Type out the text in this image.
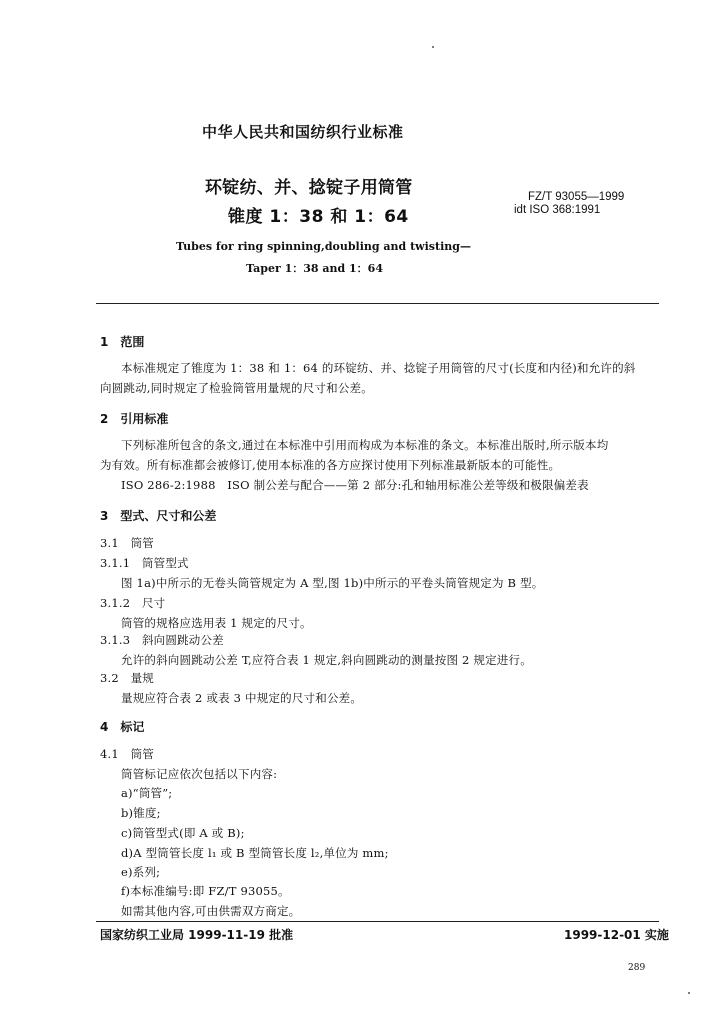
中华人民共和国纺织行业标准
环锭纺、并、捻锭子用筒管
锥度 1：38 和 1：64
FZ/T 93055—1999
idt ISO 368:1991
Tubes for ring spinning,doubling and twisting—
Taper 1：38 and 1：64
1　范围
本标准规定了锥度为 1：38 和 1：64 的环锭纺、并、捻锭子用筒管的尺寸(长度和内径)和允许的斜
向圆跳动,同时规定了检验筒管用量规的尺寸和公差。
2　引用标准
下列标准所包含的条文,通过在本标准中引用而构成为本标准的条文。本标准出版时,所示版本均
为有效。所有标准都会被修订,使用本标准的各方应探讨使用下列标准最新版本的可能性。
ISO 286-2:1988　ISO 制公差与配合——第 2 部分:孔和轴用标准公差等级和极限偏差表
3　型式、尺寸和公差
3.1　筒管
3.1.1　筒管型式
图 1a)中所示的无卷头筒管规定为 A 型,图 1b)中所示的平卷头筒管规定为 B 型。
3.1.2　尺寸
筒管的规格应选用表 1 规定的尺寸。
3.1.3　斜向圆跳动公差
允许的斜向圆跳动公差 T,应符合表 1 规定,斜向圆跳动的测量按图 2 规定进行。
3.2　量规
量规应符合表 2 或表 3 中规定的尺寸和公差。
4　标记
4.1　筒管
筒管标记应依次包括以下内容:
a)“筒管”;
b)锥度;
c)筒管型式(即 A 或 B);
d)A 型筒管长度 l₁ 或 B 型筒管长度 l₂,单位为 mm;
e)系列;
f)本标准编号:即 FZ/T 93055。
如需其他内容,可由供需双方商定。
国家纺织工业局 1999-11-19 批准	1999-12-01 实施
289
